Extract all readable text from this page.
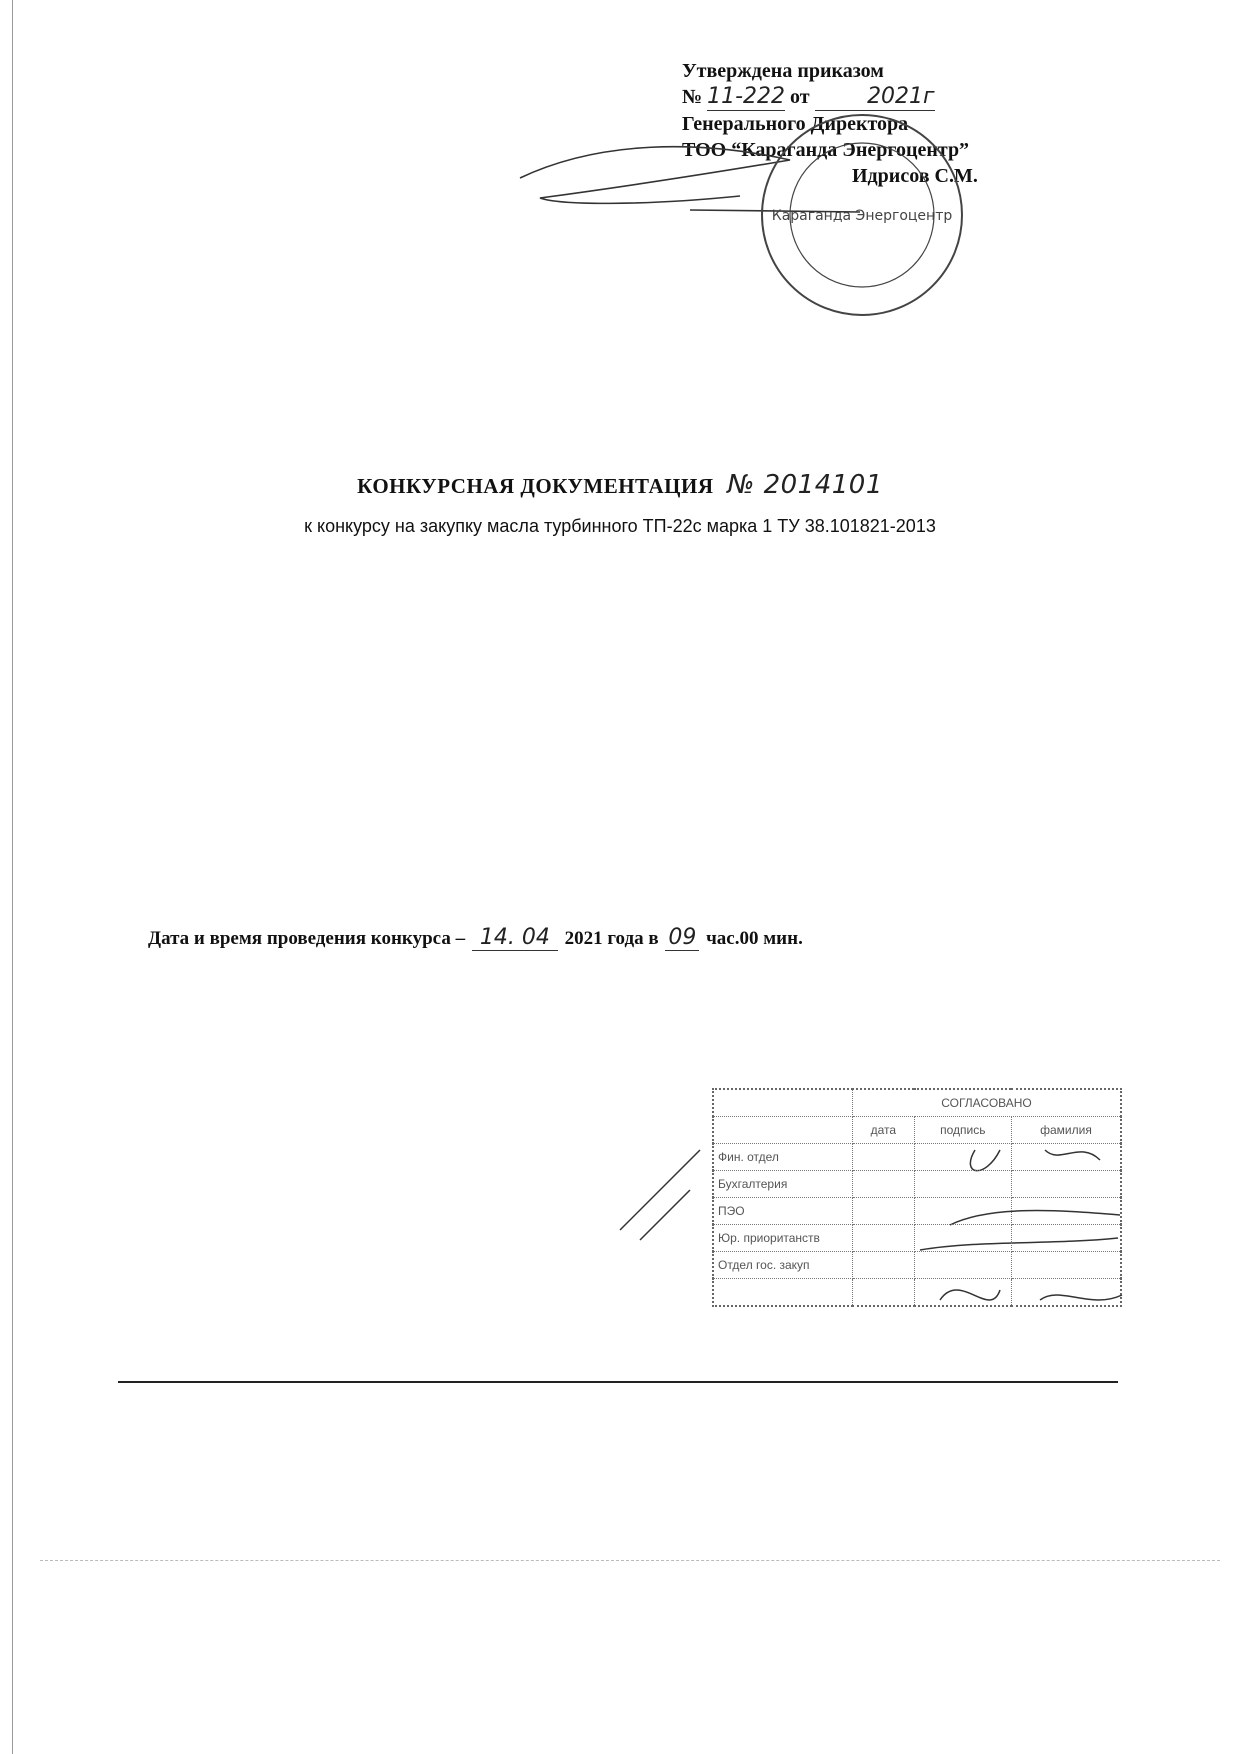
Утверждена приказом
№ 11-222 от	2021г
Генерального Директора
ТОО “Караганда Энергоцентр”
Идрисов С.М.
Караганда Энергоцентр
КОНКУРСНАЯ ДОКУМЕНТАЦИЯ № 2014101
к конкурсу на закупку масла турбинного ТП-22с марка 1 ТУ 38.101821-2013
Дата и время проведения конкурса – 14. 04 2021 года в 09 час.00 мин.
	СОГЛАСОВАНО		
	дата	подпись	фамилия
Фин. отдел			
Бухгалтерия			
ПЭО			
Юр. приоританств			
Отдел гос. закуп			
